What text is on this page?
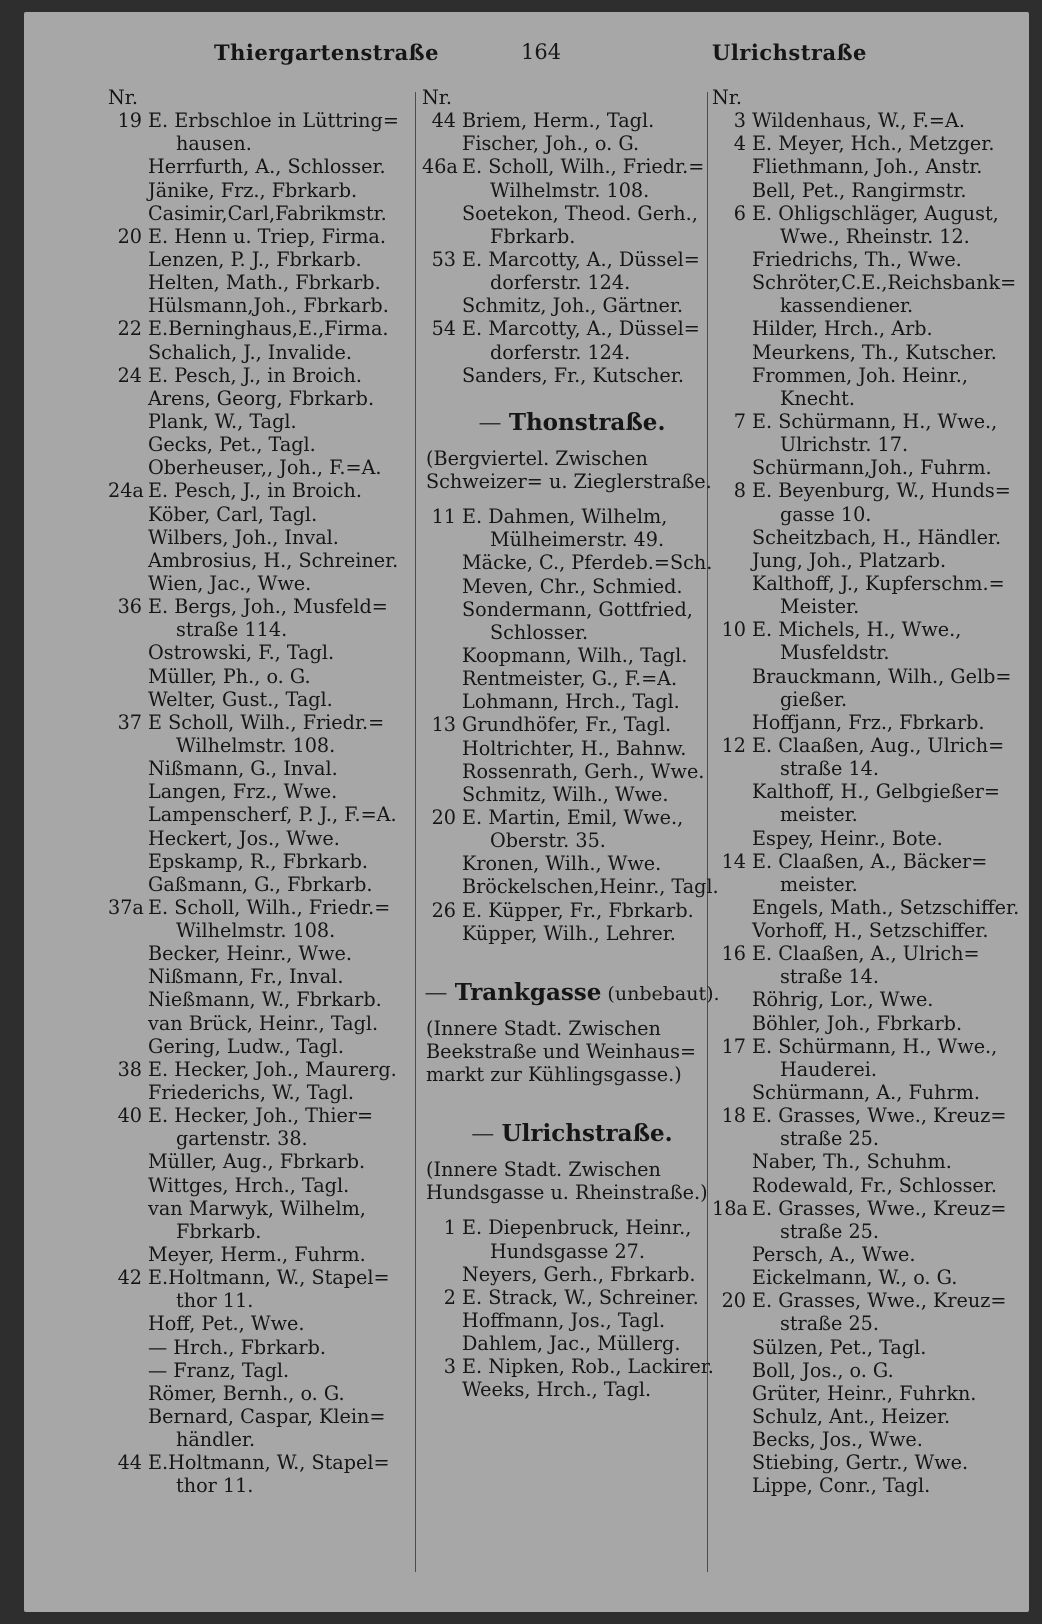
Thiergartenstraße	164	Ulrichstraße
Nr.
19 E. Erbschloe in Lüttring=
hausen.
Herrfurth, A., Schlosser.
Jänike, Frz., Fbrkarb.
Casimir,Carl,Fabrikmstr.
20 E. Henn u. Triep, Firma.
Lenzen, P. J., Fbrkarb.
Helten, Math., Fbrkarb.
Hülsmann,Joh., Fbrkarb.
22 E.Berninghaus,E.,Firma.
Schalich, J., Invalide.
24 E. Pesch, J., in Broich.
Arens, Georg, Fbrkarb.
Plank, W., Tagl.
Gecks, Pet., Tagl.
Oberheuser,, Joh., F.=A.
24a E. Pesch, J., in Broich.
Köber, Carl, Tagl.
Wilbers, Joh., Inval.
Ambrosius, H., Schreiner.
Wien, Jac., Wwe.
36 E. Bergs, Joh., Musfeld=
straße 114.
Ostrowski, F., Tagl.
Müller, Ph., o. G.
Welter, Gust., Tagl.
37 E Scholl, Wilh., Friedr.=
Wilhelmstr. 108.
Nißmann, G., Inval.
Langen, Frz., Wwe.
Lampenscherf, P. J., F.=A.
Heckert, Jos., Wwe.
Epskamp, R., Fbrkarb.
Gaßmann, G., Fbrkarb.
37a E. Scholl, Wilh., Friedr.=
Wilhelmstr. 108.
Becker, Heinr., Wwe.
Nißmann, Fr., Inval.
Nießmann, W., Fbrkarb.
van Brück, Heinr., Tagl.
Gering, Ludw., Tagl.
38 E. Hecker, Joh., Maurerg.
Friederichs, W., Tagl.
40 E. Hecker, Joh., Thier=
gartenstr. 38.
Müller, Aug., Fbrkarb.
Wittges, Hrch., Tagl.
van Marwyk, Wilhelm,
Fbrkarb.
Meyer, Herm., Fuhrm.
42 E.Holtmann, W., Stapel=
thor 11.
Hoff, Pet., Wwe.
— Hrch., Fbrkarb.
— Franz, Tagl.
Römer, Bernh., o. G.
Bernard, Caspar, Klein=
händler.
44 E.Holtmann, W., Stapel=
thor 11.
Nr.
44 Briem, Herm., Tagl.
Fischer, Joh., o. G.
46a E. Scholl, Wilh., Friedr.=
Wilhelmstr. 108.
Soetekon, Theod. Gerh.,
Fbrkarb.
53 E. Marcotty, A., Düssel=
dorferstr. 124.
Schmitz, Joh., Gärtner.
54 E. Marcotty, A., Düssel=
dorferstr. 124.
Sanders, Fr., Kutscher.
— Thonstraße.
(Bergviertel. Zwischen
Schweizer= u. Zieglerstraße.
11 E. Dahmen, Wilhelm,
Mülheimerstr. 49.
Mäcke, C., Pferdeb.=Sch.
Meven, Chr., Schmied.
Sondermann, Gottfried,
Schlosser.
Koopmann, Wilh., Tagl.
Rentmeister, G., F.=A.
Lohmann, Hrch., Tagl.
13 Grundhöfer, Fr., Tagl.
Holtrichter, H., Bahnw.
Rossenrath, Gerh., Wwe.
Schmitz, Wilh., Wwe.
20 E. Martin, Emil, Wwe.,
Oberstr. 35.
Kronen, Wilh., Wwe.
Bröckelschen,Heinr., Tagl.
26 E. Küpper, Fr., Fbrkarb.
Küpper, Wilh., Lehrer.
— Trankgasse (unbebaut).
(Innere Stadt. Zwischen
Beekstraße und Weinhaus=
markt zur Kühlingsgasse.)
— Ulrichstraße.
(Innere Stadt. Zwischen
Hundsgasse u. Rheinstraße.)
1 E. Diepenbruck, Heinr.,
Hundsgasse 27.
Neyers, Gerh., Fbrkarb.
2 E. Strack, W., Schreiner.
Hoffmann, Jos., Tagl.
Dahlem, Jac., Müllerg.
3 E. Nipken, Rob., Lackirer.
Weeks, Hrch., Tagl.
Nr.
3 Wildenhaus, W., F.=A.
4 E. Meyer, Hch., Metzger.
Fliethmann, Joh., Anstr.
Bell, Pet., Rangirmstr.
6 E. Ohligschläger, August,
Wwe., Rheinstr. 12.
Friedrichs, Th., Wwe.
Schröter,C.E.,Reichsbank=
kassendiener.
Hilder, Hrch., Arb.
Meurkens, Th., Kutscher.
Frommen, Joh. Heinr.,
Knecht.
7 E. Schürmann, H., Wwe.,
Ulrichstr. 17.
Schürmann,Joh., Fuhrm.
8 E. Beyenburg, W., Hunds=
gasse 10.
Scheitzbach, H., Händler.
Jung, Joh., Platzarb.
Kalthoff, J., Kupferschm.=
Meister.
10 E. Michels, H., Wwe.,
Musfeldstr.
Brauckmann, Wilh., Gelb=
gießer.
Hoffjann, Frz., Fbrkarb.
12 E. Claaßen, Aug., Ulrich=
straße 14.
Kalthoff, H., Gelbgießer=
meister.
Espey, Heinr., Bote.
14 E. Claaßen, A., Bäcker=
meister.
Engels, Math., Setzschiffer.
Vorhoff, H., Setzschiffer.
16 E. Claaßen, A., Ulrich=
straße 14.
Röhrig, Lor., Wwe.
Böhler, Joh., Fbrkarb.
17 E. Schürmann, H., Wwe.,
Hauderei.
Schürmann, A., Fuhrm.
18 E. Grasses, Wwe., Kreuz=
straße 25.
Naber, Th., Schuhm.
Rodewald, Fr., Schlosser.
18a E. Grasses, Wwe., Kreuz=
straße 25.
Persch, A., Wwe.
Eickelmann, W., o. G.
20 E. Grasses, Wwe., Kreuz=
straße 25.
Sülzen, Pet., Tagl.
Boll, Jos., o. G.
Grüter, Heinr., Fuhrkn.
Schulz, Ant., Heizer.
Becks, Jos., Wwe.
Stiebing, Gertr., Wwe.
Lippe, Conr., Tagl.
